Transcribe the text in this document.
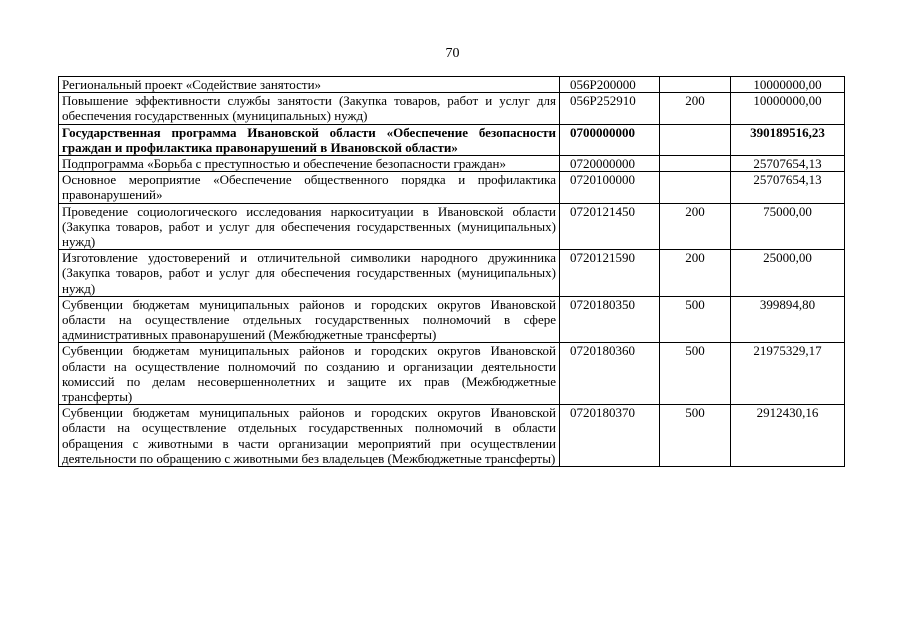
70
Региональный проект «Содействие занятости»	056P200000		10000000,00
Повышение эффективности службы занятости (Закупка товаров, работ и услуг для обеспечения государственных (муниципальных) нужд)	056P252910	200	10000000,00
Государственная программа Ивановской области «Обеспечение безопасности граждан и профилактика правонарушений в Ивановской области»	0700000000		390189516,23
Подпрограмма «Борьба с преступностью и обеспечение безопасности граждан»	0720000000		25707654,13
Основное мероприятие «Обеспечение общественного порядка и профилактика правонарушений»	0720100000		25707654,13
Проведение социологического исследования наркоситуации в Ивановской области (Закупка товаров, работ и услуг для обеспечения государственных (муниципальных) нужд)	0720121450	200	75000,00
Изготовление удостоверений и отличительной символики народного дружинника (Закупка товаров, работ и услуг для обеспечения государственных (муниципальных) нужд)	0720121590	200	25000,00
Субвенции бюджетам муниципальных районов и городских округов Ивановской области на осуществление отдельных государственных полномочий в сфере административных правонарушений (Межбюджетные трансферты)	0720180350	500	399894,80
Субвенции бюджетам муниципальных районов и городских округов Ивановской области на осуществление полномочий по созданию и организации деятельности комиссий по делам несовершеннолетних и защите их прав (Межбюджетные трансферты)	0720180360	500	21975329,17
Субвенции бюджетам муниципальных районов и городских округов Ивановской области на осуществление отдельных государственных полномочий в области обращения с животными в части организации мероприятий при осуществлении деятельности по обращению с животными без владельцев (Межбюджетные трансферты)	0720180370	500	2912430,16
